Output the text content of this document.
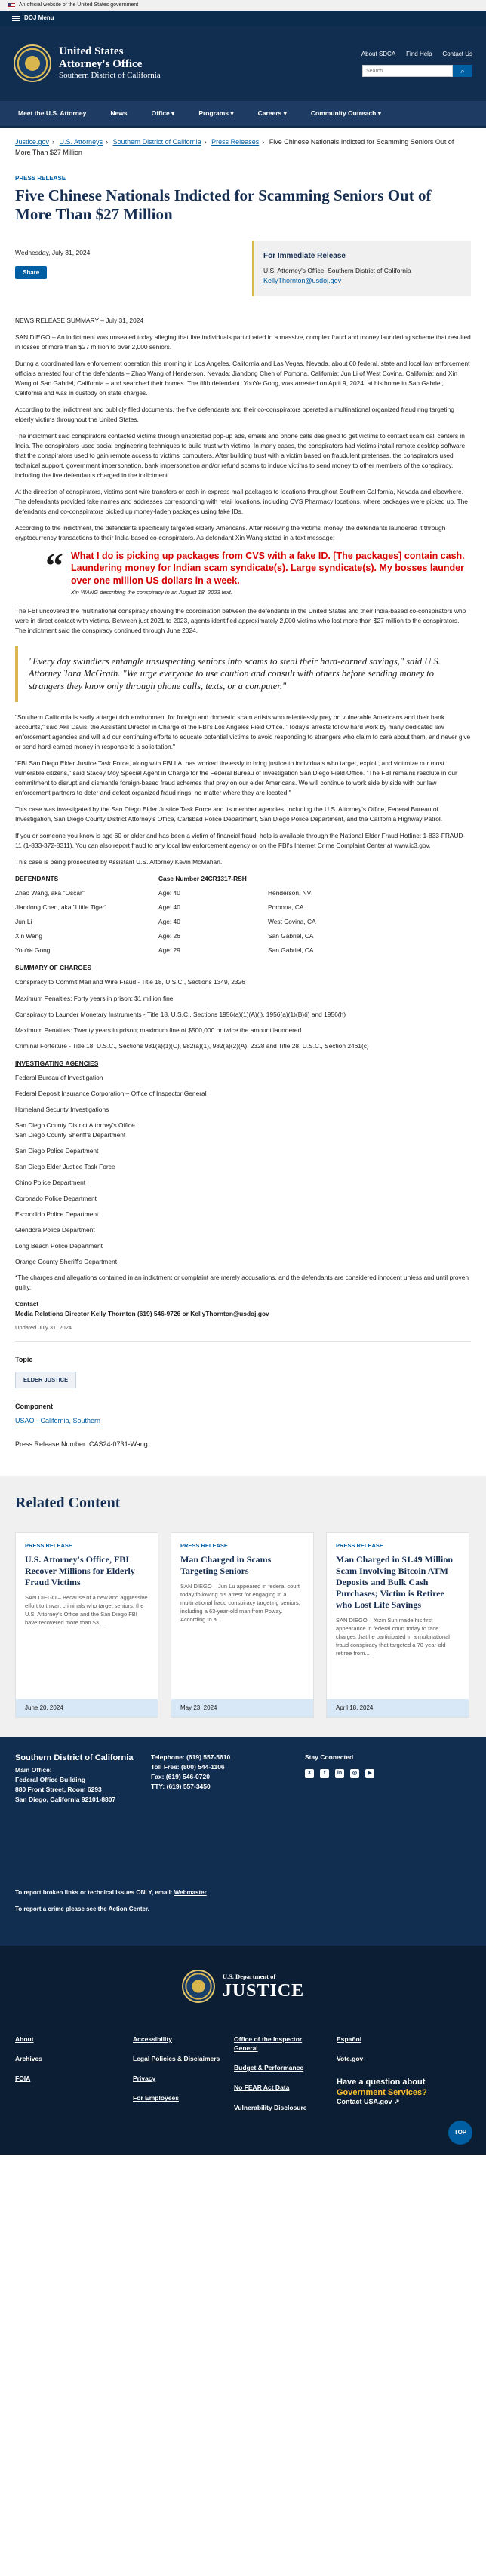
An official website of the United States government
DOJ Menu
United States
Attorney's Office
Southern District of California
About SDCA Find Help Contact Us
Search
⌕
Meet the U.S. Attorney	News	Office ▾	Programs ▾	Careers ▾	Community Outreach ▾
Justice.gov › U.S. Attorneys › Southern District of California › Press Releases › Five Chinese Nationals Indicted for Scamming Seniors Out of More Than $27 Million
PRESS RELEASE
Five Chinese Nationals Indicted for Scamming Seniors Out of More Than $27 Million
Wednesday, July 31, 2024
Share
For Immediate Release
U.S. Attorney's Office, Southern District of California
KellyThornton@usdoj.gov

NEWS RELEASE SUMMARY – July 31, 2024

SAN DIEGO – An indictment was unsealed today alleging that five individuals participated in a massive, complex fraud and money laundering scheme that resulted in losses of more than $27 million to over 2,000 seniors.

During a coordinated law enforcement operation this morning in Los Angeles, California and Las Vegas, Nevada, about 60 federal, state and local law enforcement officials arrested four of the defendants – Zhao Wang of Henderson, Nevada; Jiandong Chen of Pomona, California; Jun Li of West Covina, California; and Xin Wang of San Gabriel, California – and searched their homes. The fifth defendant, YouYe Gong, was arrested on April 9, 2024, at his home in San Gabriel, California and was in custody on state charges.

According to the indictment and publicly filed documents, the five defendants and their co-conspirators operated a multinational organized fraud ring targeting elderly victims throughout the United States.

The indictment said conspirators contacted victims through unsolicited pop-up ads, emails and phone calls designed to get victims to contact scam call centers in India. The conspirators used social engineering techniques to build trust with victims. In many cases, the conspirators had victims install remote desktop software that the conspirators used to gain remote access to victims' computers. After building trust with a victim based on fraudulent pretenses, the conspirators used technical support, government impersonation, bank impersonation and/or refund scams to induce victims to send money to other members of the conspiracy, including the five defendants charged in the indictment.

At the direction of conspirators, victims sent wire transfers or cash in express mail packages to locations throughout Southern California, Nevada and elsewhere. The defendants provided fake names and addresses corresponding with retail locations, including CVS Pharmacy locations, where packages were picked up. The defendants and co-conspirators picked up money-laden packages using fake IDs.

According to the indictment, the defendants specifically targeted elderly Americans. After receiving the victims' money, the defendants laundered it through cryptocurrency transactions to their India-based co-conspirators. As defendant Xin Wang stated in a text message:

“ What I do is picking up packages from CVS with a fake ID. [The packages] contain cash. Laundering money for Indian scam syndicate(s). Large syndicate(s). My bosses launder over one million US dollars in a week.
Xin WANG describing the conspiracy in an August 18, 2023 text.

The FBI uncovered the multinational conspiracy showing the coordination between the defendants in the United States and their India-based co-conspirators who were in direct contact with victims. Between just 2021 to 2023, agents identified approximately 2,000 victims who lost more than $27 million to the conspirators. The indictment said the conspiracy continued through June 2024.

"Every day swindlers entangle unsuspecting seniors into scams to steal their hard-earned savings," said U.S. Attorney Tara McGrath. "We urge everyone to use caution and consult with others before sending money to strangers they know only through phone calls, texts, or a computer."

"Southern California is sadly a target rich environment for foreign and domestic scam artists who relentlessly prey on vulnerable Americans and their bank accounts," said Akil Davis, the Assistant Director in Charge of the FBI's Los Angeles Field Office. "Today's arrests follow hard work by many dedicated law enforcement agencies and will aid our continuing efforts to educate potential victims to avoid responding to strangers who claim to care about them, and never give or send hard-earned money in response to a solicitation."

"FBI San Diego Elder Justice Task Force, along with FBI LA, has worked tirelessly to bring justice to individuals who target, exploit, and victimize our most vulnerable citizens," said Stacey Moy Special Agent in Charge for the Federal Bureau of Investigation San Diego Field Office. "The FBI remains resolute in our commitment to disrupt and dismantle foreign-based fraud schemes that prey on our elder Americans. We will continue to work side by side with our law enforcement partners to deter and defeat organized fraud rings, no matter where they are located."

This case was investigated by the San Diego Elder Justice Task Force and its member agencies, including the U.S. Attorney's Office, Federal Bureau of Investigation, San Diego County District Attorney's Office, Carlsbad Police Department, San Diego Police Department, and the California Highway Patrol.

If you or someone you know is age 60 or older and has been a victim of financial fraud, help is available through the National Elder Fraud Hotline: 1-833-FRAUD-11 (1-833-372-8311). You can also report fraud to any local law enforcement agency or on the FBI's Internet Crime Complaint Center at www.ic3.gov.

This case is being prosecuted by Assistant U.S. Attorney Kevin McMahan.

DEFENDANTS	Case Number 24CR1317-RSH
Zhao Wang, aka "Oscar"	Age: 40	Henderson, NV
Jiandong Chen, aka "Little Tiger"	Age: 40	Pomona, CA
Jun Li	Age: 40	West Covina, CA
Xin Wang	Age: 26	San Gabriel, CA
YouYe Gong	Age: 29	San Gabriel, CA
SUMMARY OF CHARGES
Conspiracy to Commit Mail and Wire Fraud - Title 18, U.S.C., Sections 1349, 2326
Maximum Penalties: Forty years in prison; $1 million fine
Conspiracy to Launder Monetary Instruments - Title 18, U.S.C., Sections 1956(a)(1)(A)(i), 1956(a)(1)(B)(i) and 1956(h)
Maximum Penalties: Twenty years in prison; maximum fine of $500,000 or twice the amount laundered
Criminal Forfeiture - Title 18, U.S.C., Sections 981(a)(1)(C), 982(a)(1), 982(a)(2)(A), 2328 and Title 28, U.S.C., Section 2461(c)
INVESTIGATING AGENCIES
Federal Bureau of Investigation
Federal Deposit Insurance Corporation – Office of Inspector General
Homeland Security Investigations
San Diego County District Attorney's Office
San Diego County Sheriff's Department
San Diego Police Department
San Diego Elder Justice Task Force
Chino Police Department
Coronado Police Department
Escondido Police Department
Glendora Police Department
Long Beach Police Department
Orange County Sheriff's Department

*The charges and allegations contained in an indictment or complaint are merely accusations, and the defendants are considered innocent unless and until proven guilty.

Contact
Media Relations Director Kelly Thornton (619) 546-9726 or KellyThornton@usdoj.gov
Updated July 31, 2024
Topic
ELDER JUSTICE
Component
USAO - California, Southern
Press Release Number: CAS24-0731-Wang
Related Content
PRESS RELEASE
U.S. Attorney's Office, FBI Recover Millions for Elderly Fraud Victims
SAN DIEGO – Because of a new and aggressive effort to thwart criminals who target seniors, the U.S. Attorney's Office and the San Diego FBI have recovered more than $3...
June 20, 2024
PRESS RELEASE
Man Charged in Scams Targeting Seniors
SAN DIEGO – Jun Lu appeared in federal court today following his arrest for engaging in a multinational fraud conspiracy targeting seniors, including a 63-year-old man from Poway. According to a...
May 23, 2024
PRESS RELEASE
Man Charged in $1.49 Million Scam Involving Bitcoin ATM Deposits and Bulk Cash Purchases; Victim is Retiree who Lost Life Savings
SAN DIEGO – Xizin Sun made his first appearance in federal court today to face charges that he participated in a multinational fraud conspiracy that targeted a 70-year-old retiree from...
April 18, 2024
Southern District of California
Main Office:
Federal Office Building
880 Front Street, Room 6293
San Diego, California 92101-8807
Telephone: (619) 557-5610
Toll Free: (800) 544-1106
Fax: (619) 546-0720
TTY: (619) 557-3450
Stay Connected
X	f	in	◎	▶
To report broken links or technical issues ONLY, email: Webmaster
To report a crime please see the Action Center.
U.S. Department of
JUSTICE
About
Archives
FOIA
Accessibility
Legal Policies & Disclaimers
Privacy
For Employees
Office of the Inspector General
Budget & Performance
No FEAR Act Data
Vulnerability Disclosure
Español
Vote.gov
Have a question about
Government Services?
Contact USA.gov ↗
TOP
